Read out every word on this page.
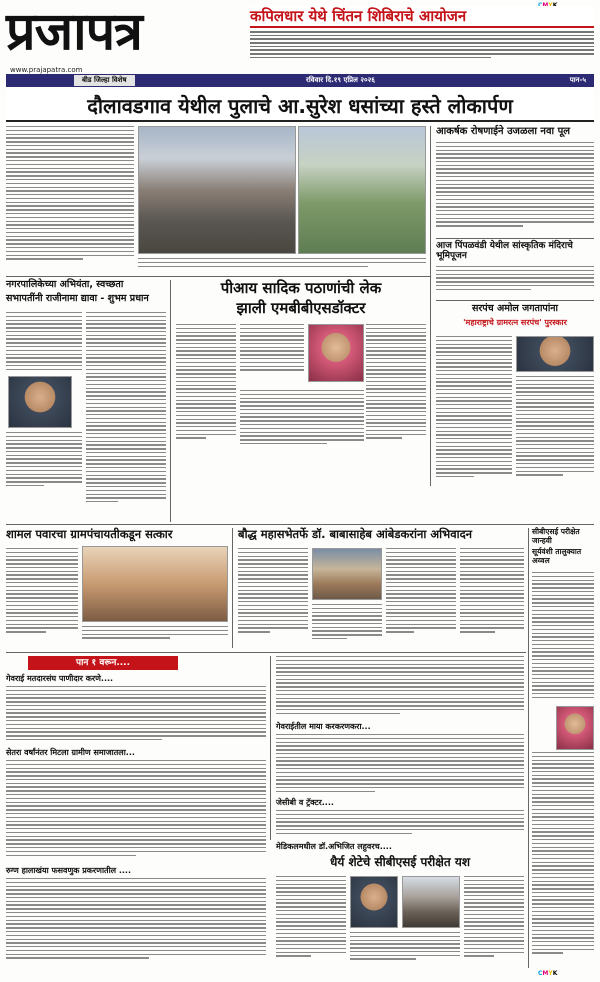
प्रजापत्र
www.prajapatra.com
कपिलधार येथे चिंतन शिबिराचे आयोजन
बीड जिल्हा विशेष	रविवार दि.१९ एप्रिल २०२६	पान-५
दौलावडगाव येथील पुलाचे आ.सुरेश धसांच्या हस्ते लोकार्पण
आकर्षक रोषणाईने उजळला नवा पूल
आज पिंपळवंडी येथील सांस्कृतिक मंदिराचे भूमिपूजन
नगरपालिकेच्या अभियंता, स्वच्छता
सभापतींनी राजीनामा द्यावा - शुभम प्रधान
पीआय सादिक पठाणांची लेक
झाली एमबीबीएसडॉक्टर	सरपंच अमोल जगतापांना
'महाराष्ट्राचे ग्रामरत्न सरपंच' पुरस्कार
शामल पवारचा ग्रामपंचायतीकडून सत्कार	बौद्ध महासभेतर्फे डॉ. बाबासाहेब आंबेडकरांना अभिवादन	सीबीएसई परीक्षेत जान्हवी
सूर्यवंशी तालुक्यात अव्वल
पान १ वरून....
गेवराई मतदारसंघ पाणीदार करणे....
सेतरा वर्षांनंतर मिटला ग्रामीण समाजातला...
रुग्ण हालाखंया फसवणुक प्रकरणातील ....
गेवराईतील माया करकरणकरा...
जेसीबी व ट्रॅक्टर....
मेडिकलमधील डॉ.अभिजित लहुवरच....
धैर्य शेटेचे सीबीएसई परीक्षेत यश
CMYK
